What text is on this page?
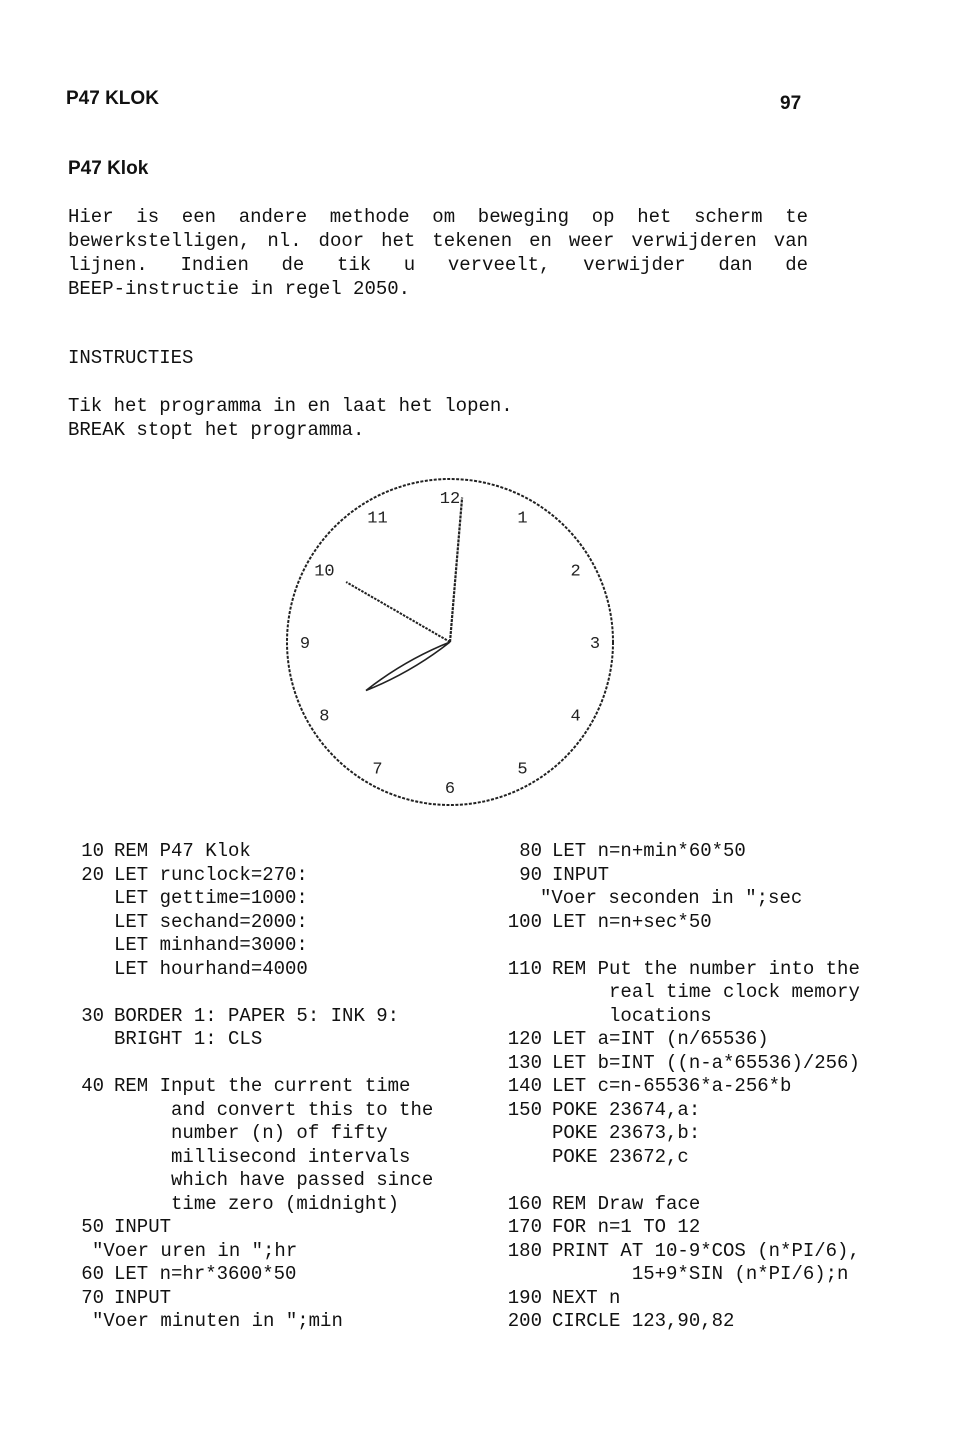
P47 KLOK	97
P47 Klok
Hier is een andere methode om beweging op het scherm te
bewerkstelligen, nl. door het tekenen en weer verwijderen van
lijnen. Indien de tik u verveelt, verwijder dan de
BEEP-instructie in regel 2050.
INSTRUCTIES
Tik het programma in en laat het lopen.
BREAK stopt het programma.
12
1
2
3
4
5
6
7
8
9
10
11
10 REM P47 Klok
20 LET runclock=270:
LET gettime=1000:
LET sechand=2000:
LET minhand=3000:
LET hourhand=4000
30 BORDER 1: PAPER 5: INK 9:
BRIGHT 1: CLS
40 REM Input the current time
and convert this to the
number (n) of fifty
millisecond intervals
which have passed since
time zero (midnight)
50 INPUT
"Voer uren in ";hr
60 LET n=hr*3600*50
70 INPUT
"Voer minuten in ";min
80 LET n=n+min*60*50
90 INPUT
"Voer seconden in ";sec
100 LET n=n+sec*50
110 REM Put the number into the
real time clock memory
locations
120 LET a=INT (n/65536)
130 LET b=INT ((n-a*65536)/256)
140 LET c=n-65536*a-256*b
150 POKE 23674,a:
POKE 23673,b:
POKE 23672,c
160 REM Draw face
170 FOR n=1 TO 12
180 PRINT AT 10-9*COS (n*PI/6),
15+9*SIN (n*PI/6);n
190 NEXT n
200 CIRCLE 123,90,82
